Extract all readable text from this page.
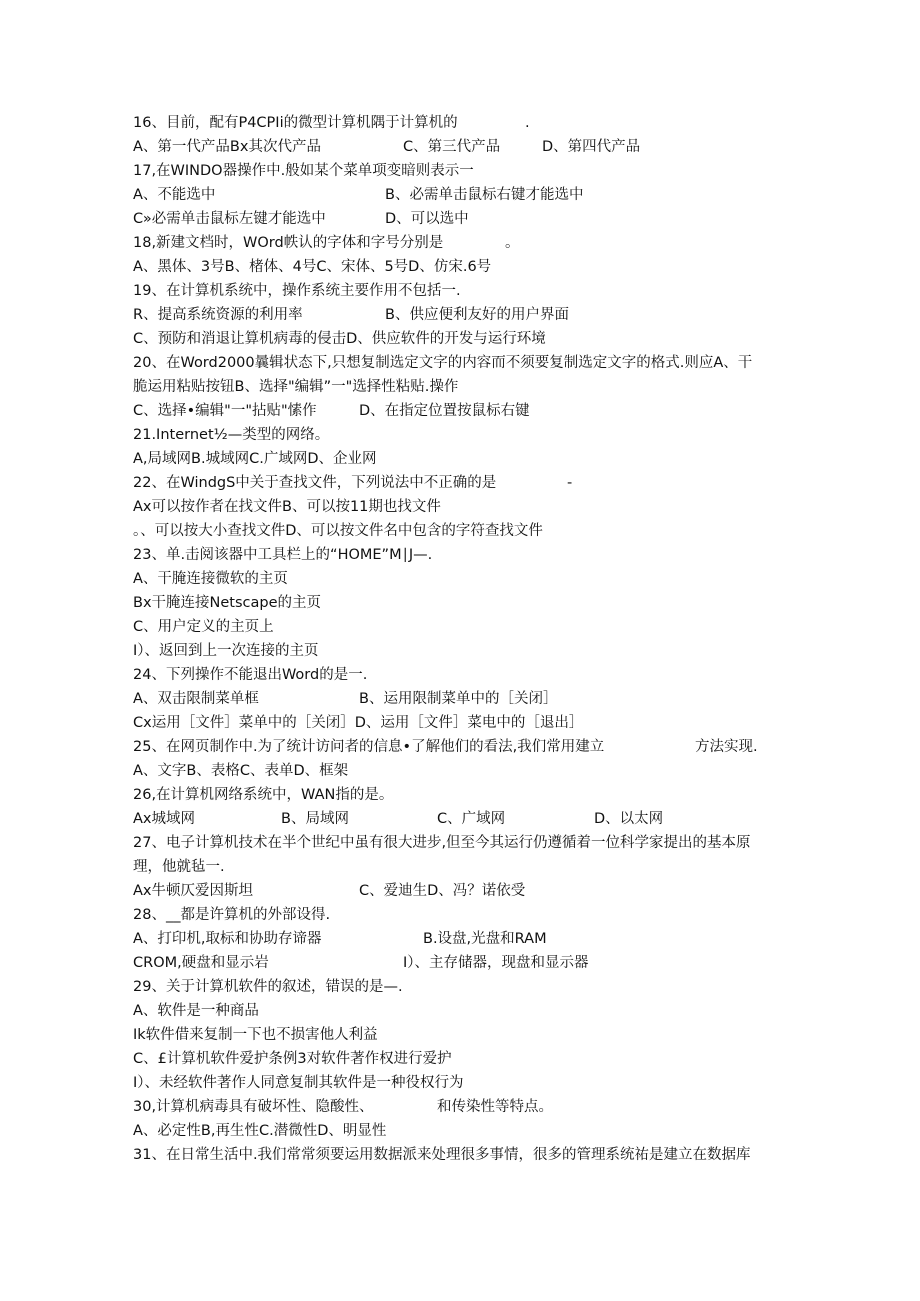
16、目前，配有P4CPIi的微型计算机隅于计算机的	.
A、第一代产品Bx其次代产品	C、第三代产品	D、第四代产品
17,在WINDO器操作中.般如某个菜单项变暗则表示一
A、不能选中	B、必需单击鼠标右键才能选中
C»必需单击鼠标左键才能选中	D、可以选中
18,新建文档时，WOrd帙认的字体和字号分别是	。
A、黑体、3号B、楮体、4号C、宋体、5号D、仿宋.6号
19、在计算机系统中，操作系统主要作用不包括一.
R、提高系统资源的利用率	B、供应便利友好的用户界面
C、预防和消退让算机病毒的侵击D、供应软件的开发与运行环境
20、在Word2000曩辑状态下,只想复制选定文字的内容而不须要复制选定文字的格式.则应A、干
脆运用粘贴按钮B、选择"编辑”一"选择性粘贴.操作
C、选择•编辑"一"拈贴"愫作	D、在指定位置按鼠标右键
21.Internet½—类型的网络。
A,局域网B.城域网C.广域网D、企业网
22、在WindgS中关于查找文件，下列说法中不正确的是	-
Ax可以按作者在找文件B、可以按11期也找文件
。、可以按大小查找文件D、可以按文件名中包含的字符查找文件
23、单.击阅该器中工具栏上的“HOME”M∣J—.
A、干腌连接微软的主页
Bx干腌连接Netscape的主页
C、用户定义的主页上
I）、返回到上一次连接的主页
24、下列操作不能退出Word的是一.
A、双击限制菜单框	B、运用限制菜单中的［关闭］
Cx运用［文件］菜单中的［关闭］D、运用［文件］菜电中的［退出］
25、在网页制作中.为了统计访问者的信息•了解他们的看法,我们常用建立	方法实现.
A、文字B、表格C、表单D、框架
26,在计算机网络系统中，WAN指的是。
Ax城域网	B、局域网	C、广域网	D、以太网
27、电子计算机技术在半个世纪中虽有很大进步,但至今其运行仍遵循着一位科学家提出的基本原
理，他就毡一.
Ax牛顿仄爱因斯坦	C、爱迪生D、冯？诺依受
28、__都是许算机的外部设得.
A、打印机,取标和协助存谛器	B.设盘,光盘和RAM
CROM,硬盘和显示岩	I）、主存储器，现盘和显示器
29、关于计算机软件的叙述，错误的是—.
A、软件是一种商品
Ik软件借来复制一下也不损害他人利益
C、£计算机软件爱护条例3对软件著作权进行爱护
I）、未经软件著作人同意复制其软件是一种役权行为
30,计算机病毒具有破坏性、隐酸性、	和传染性等特点。
A、必定性B,再生性C.潜微性D、明显性
31、在日常生活中.我们常常须要运用数据派来处理很多事情，很多的管理系统祐是建立在数据库
